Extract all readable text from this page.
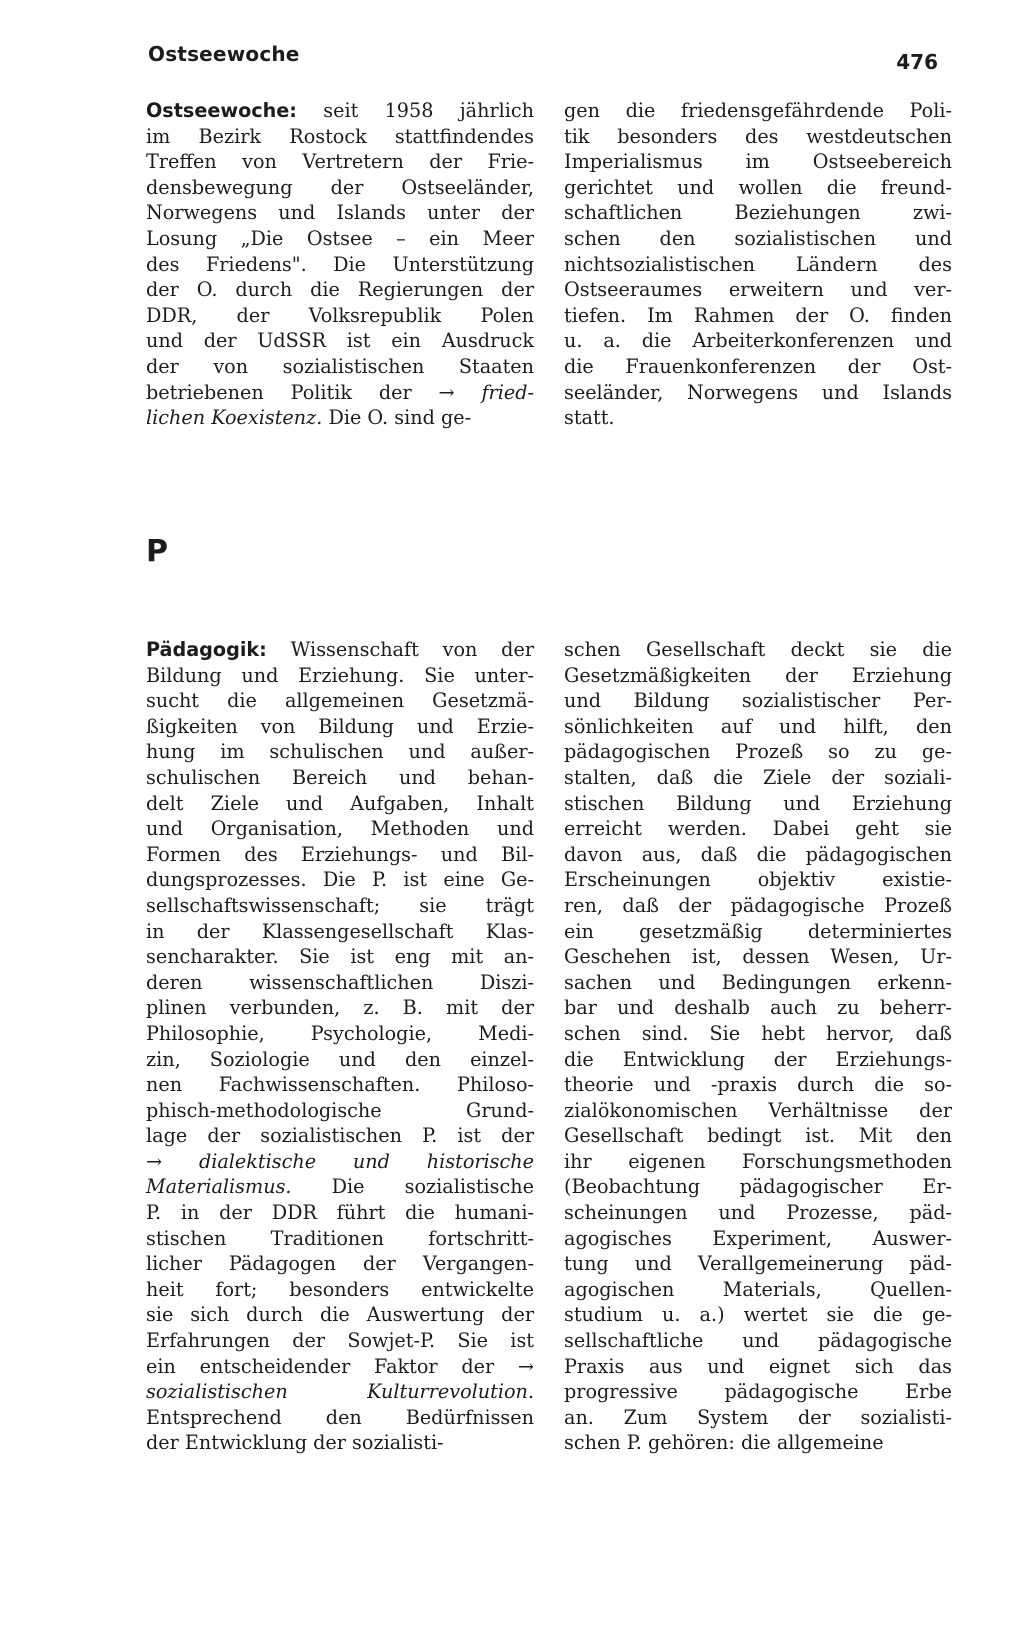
Ostseewoche	476
Ostseewoche: seit 1958 jährlich
im Bezirk Rostock stattfindendes
Treffen von Vertretern der Frie-
densbewegung der Ostseeländer,
Norwegens und Islands unter der
Losung „Die Ostsee – ein Meer
des Friedens". Die Unterstützung
der O. durch die Regierungen der
DDR, der Volksrepublik Polen
und der UdSSR ist ein Ausdruck
der von sozialistischen Staaten
betriebenen Politik der → fried-
lichen Koexistenz. Die O. sind ge-
gen die friedensgefährdende Poli-
tik besonders des westdeutschen
Imperialismus im Ostseebereich
gerichtet und wollen die freund-
schaftlichen Beziehungen zwi-
schen den sozialistischen und
nichtsozialistischen Ländern des
Ostseeraumes erweitern und ver-
tiefen. Im Rahmen der O. finden
u. a. die Arbeiterkonferenzen und
die Frauenkonferenzen der Ost-
seeländer, Norwegens und Islands
statt.
P
Pädagogik: Wissenschaft von der
Bildung und Erziehung. Sie unter-
sucht die allgemeinen Gesetzmä-
ßigkeiten von Bildung und Erzie-
hung im schulischen und außer-
schulischen Bereich und behan-
delt Ziele und Aufgaben, Inhalt
und Organisation, Methoden und
Formen des Erziehungs- und Bil-
dungsprozesses. Die P. ist eine Ge-
sellschaftswissenschaft; sie trägt
in der Klassengesellschaft Klas-
sencharakter. Sie ist eng mit an-
deren wissenschaftlichen Diszi-
plinen verbunden, z. B. mit der
Philosophie, Psychologie, Medi-
zin, Soziologie und den einzel-
nen Fachwissenschaften. Philoso-
phisch-methodologische Grund-
lage der sozialistischen P. ist der
→ dialektische und historische
Materialismus. Die sozialistische
P. in der DDR führt die humani-
stischen Traditionen fortschritt-
licher Pädagogen der Vergangen-
heit fort; besonders entwickelte
sie sich durch die Auswertung der
Erfahrungen der Sowjet-P. Sie ist
ein entscheidender Faktor der →
sozialistischen Kulturrevolution.
Entsprechend den Bedürfnissen
der Entwicklung der sozialisti-
schen Gesellschaft deckt sie die
Gesetzmäßigkeiten der Erziehung
und Bildung sozialistischer Per-
sönlichkeiten auf und hilft, den
pädagogischen Prozeß so zu ge-
stalten, daß die Ziele der soziali-
stischen Bildung und Erziehung
erreicht werden. Dabei geht sie
davon aus, daß die pädagogischen
Erscheinungen objektiv existie-
ren, daß der pädagogische Prozeß
ein gesetzmäßig determiniertes
Geschehen ist, dessen Wesen, Ur-
sachen und Bedingungen erkenn-
bar und deshalb auch zu beherr-
schen sind. Sie hebt hervor, daß
die Entwicklung der Erziehungs-
theorie und -praxis durch die so-
zialökonomischen Verhältnisse der
Gesellschaft bedingt ist. Mit den
ihr eigenen Forschungsmethoden
(Beobachtung pädagogischer Er-
scheinungen und Prozesse, päd-
agogisches Experiment, Auswer-
tung und Verallgemeinerung päd-
agogischen Materials, Quellen-
studium u. a.) wertet sie die ge-
sellschaftliche und pädagogische
Praxis aus und eignet sich das
progressive pädagogische Erbe
an. Zum System der sozialisti-
schen P. gehören: die allgemeine
